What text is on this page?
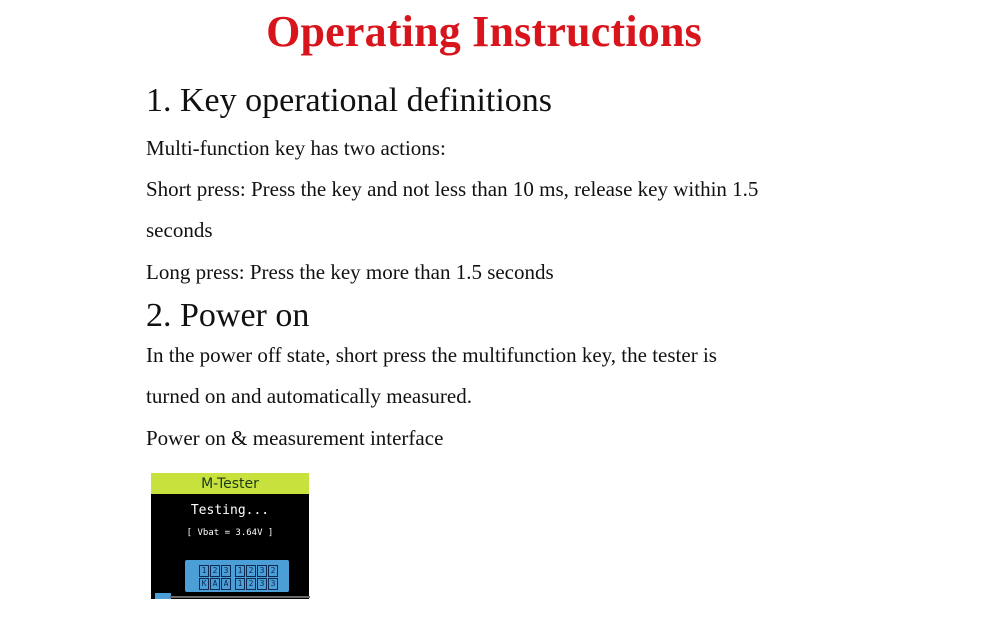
Operating Instructions
1. Key operational definitions
Multi-function key has two actions:
Short press: Press the key and not less than 10 ms, release key within 1.5
seconds
Long press: Press the key more than 1.5 seconds
2. Power on
In the power off state, short press the multifunction key, the tester is
turned on and automatically measured.
Power on & measurement interface
M-Tester
Testing...
[ Vbat = 3.64V ]
1 2 3	1 2 3 2
K A A	1 2 3 3
